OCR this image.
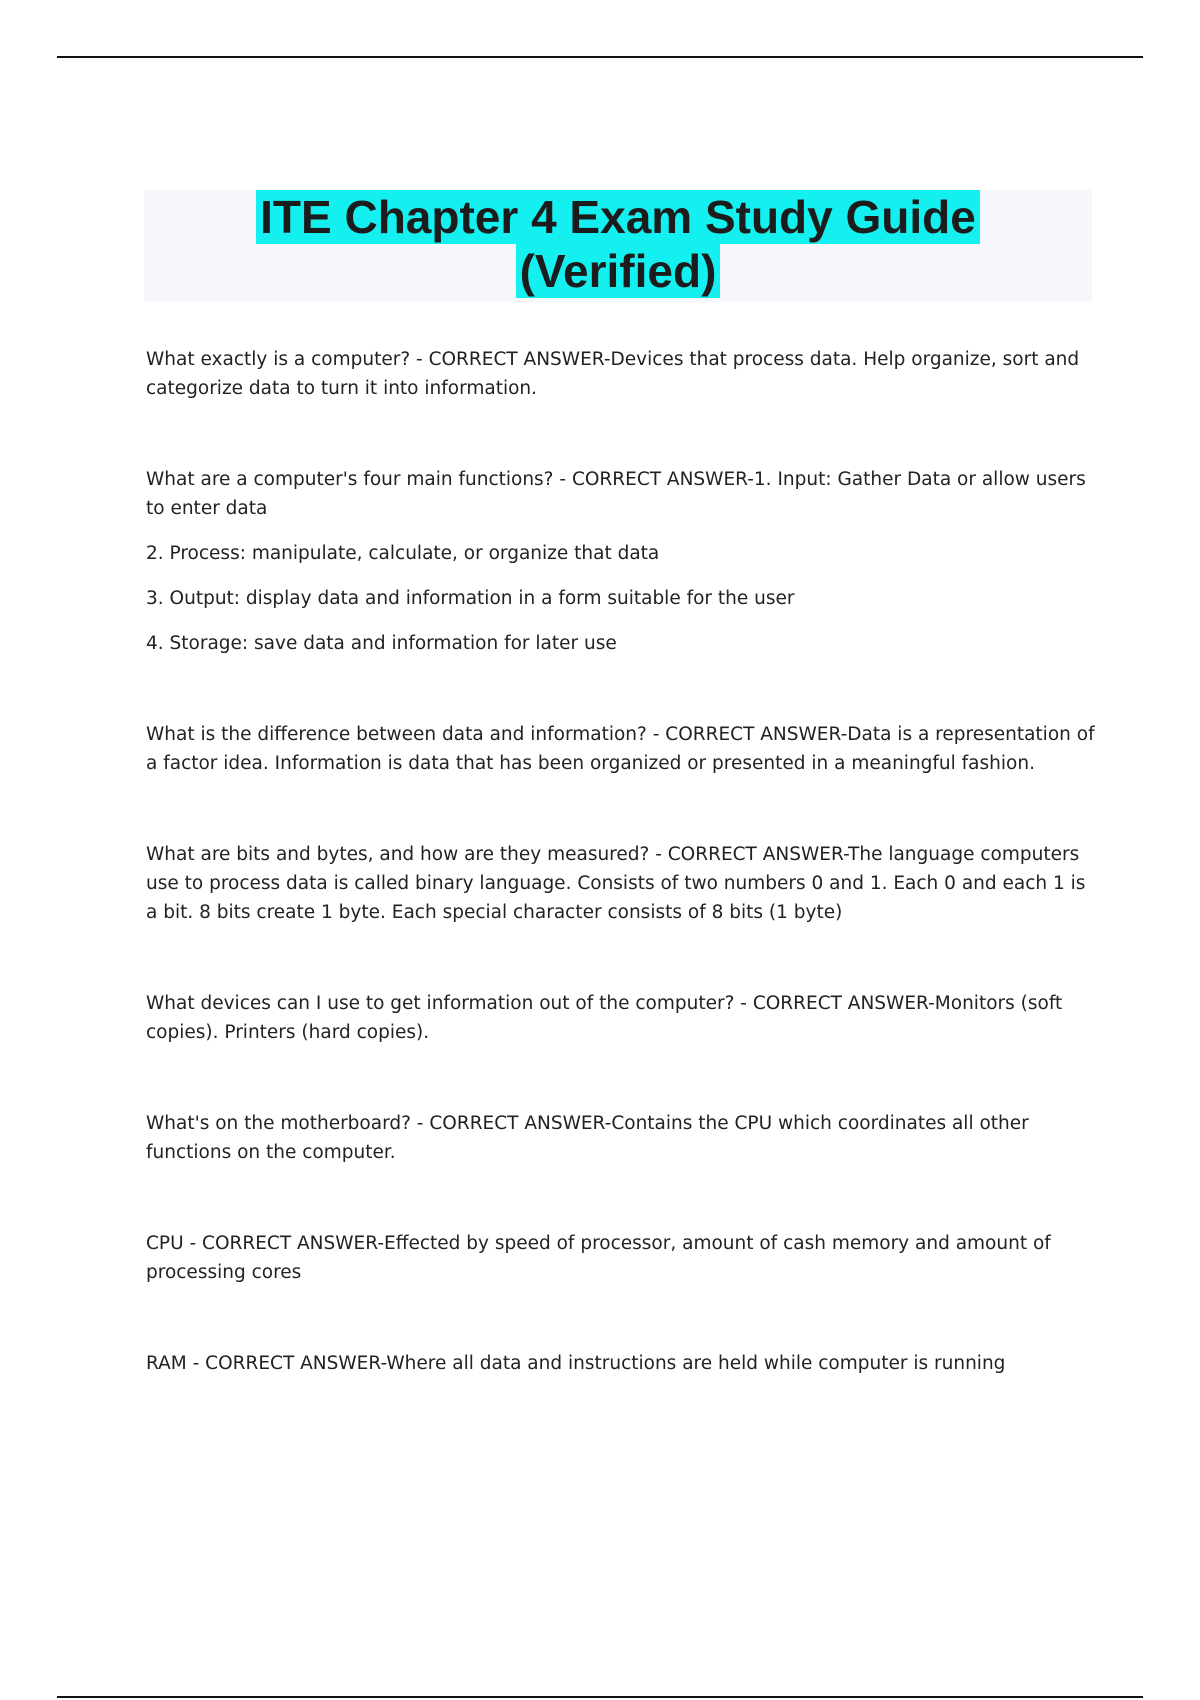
ITE Chapter 4 Exam Study Guide
(Verified)

What exactly is a computer? - CORRECT ANSWER-Devices that process data. Help organize, sort and categorize data to turn it into information.

What are a computer's four main functions? - CORRECT ANSWER-1. Input: Gather Data or allow users to enter data

2. Process: manipulate, calculate, or organize that data

3. Output: display data and information in a form suitable for the user

4. Storage: save data and information for later use

What is the difference between data and information? - CORRECT ANSWER-Data is a representation of a factor idea. Information is data that has been organized or presented in a meaningful fashion.

What are bits and bytes, and how are they measured? - CORRECT ANSWER-The language computers use to process data is called binary language. Consists of two numbers 0 and 1. Each 0 and each 1 is a bit. 8 bits create 1 byte. Each special character consists of 8 bits (1 byte)

What devices can I use to get information out of the computer? - CORRECT ANSWER-Monitors (soft copies). Printers (hard copies).

What's on the motherboard? - CORRECT ANSWER-Contains the CPU which coordinates all other functions on the computer.

CPU - CORRECT ANSWER-Effected by speed of processor, amount of cash memory and amount of processing cores

RAM - CORRECT ANSWER-Where all data and instructions are held while computer is running
